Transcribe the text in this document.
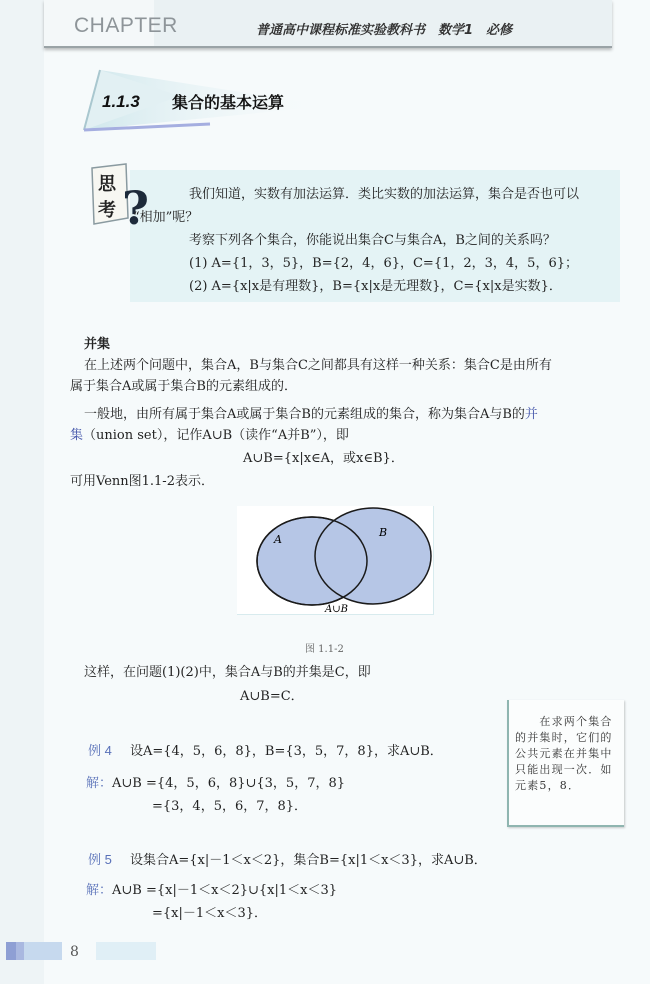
CHAPTER	普通高中课程标准实验教科书　数学1　必修
1.1.3 集合的基本运算
思
考 ? 　　我们知道，实数有加法运算．类比实数的加法运算，集合是否也可以
“相加”呢？
　　考察下列各个集合，你能说出集合C与集合A，B之间的关系吗？
　　(1) A={1，3，5}，B={2，4，6}，C={1，2，3，4，5，6}；
　　(2) A={x|x是有理数}，B={x|x是无理数}，C={x|x是实数}．
并集
在上述两个问题中，集合A，B与集合C之间都具有这样一种关系：集合C是由所有
属于集合A或属于集合B的元素组成的．
一般地，由所有属于集合A或属于集合B的元素组成的集合，称为集合A与B的并
集（union set），记作A∪B（读作“A并B”），即
A∪B={x|x∈A，或x∈B}．
可用Venn图1.1-2表示．
A
B
A∪B
图 1.1-2
这样，在问题(1)(2)中，集合A与B的并集是C，即
A∪B=C．
例 4 设A={4，5，6，8}，B={3，5，7，8}，求A∪B．
解：A∪B ={4，5，6，8}∪{3，5，7，8}
={3，4，5，6，7，8}．
　　在求两个集合的并集时，它们的公共元素在并集中只能出现一次．如元素5，8．
例 5 设集合A={x|－1＜x＜2}，集合B={x|1＜x＜3}，求A∪B．
解：A∪B ={x|－1＜x＜2}∪{x|1＜x＜3}
={x|－1＜x＜3}．
8
